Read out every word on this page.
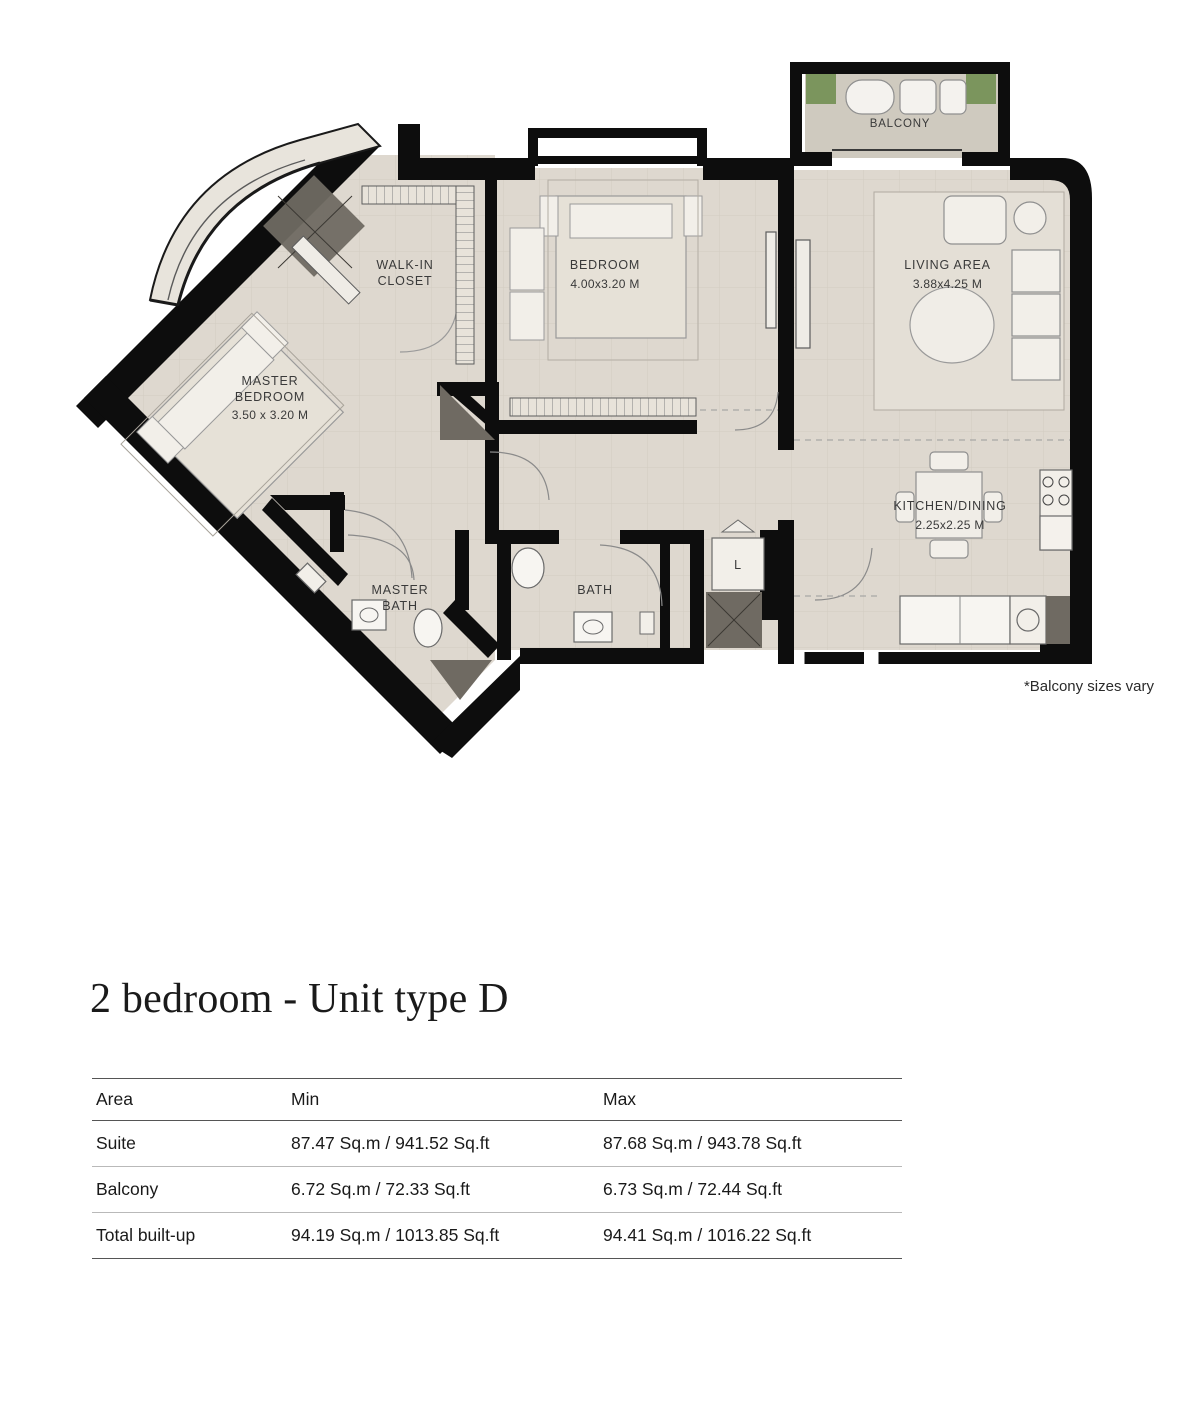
WALK-IN
CLOSET
BEDROOM
4.00x3.20 M
BALCONY
LIVING AREA
3.88x4.25 M
MASTER
BEDROOM
3.50 x 3.20 M
KITCHEN/DINING
2.25x2.25 M
MASTER
BATH
BATH
L
*Balcony sizes vary
2 bedroom - Unit type D
Area	Min	Max
Suite	87.47 Sq.m / 941.52 Sq.ft	87.68 Sq.m / 943.78 Sq.ft
Balcony	6.72 Sq.m / 72.33 Sq.ft	6.73 Sq.m / 72.44 Sq.ft
Total built-up	94.19 Sq.m / 1013.85 Sq.ft	94.41 Sq.m / 1016.22 Sq.ft
